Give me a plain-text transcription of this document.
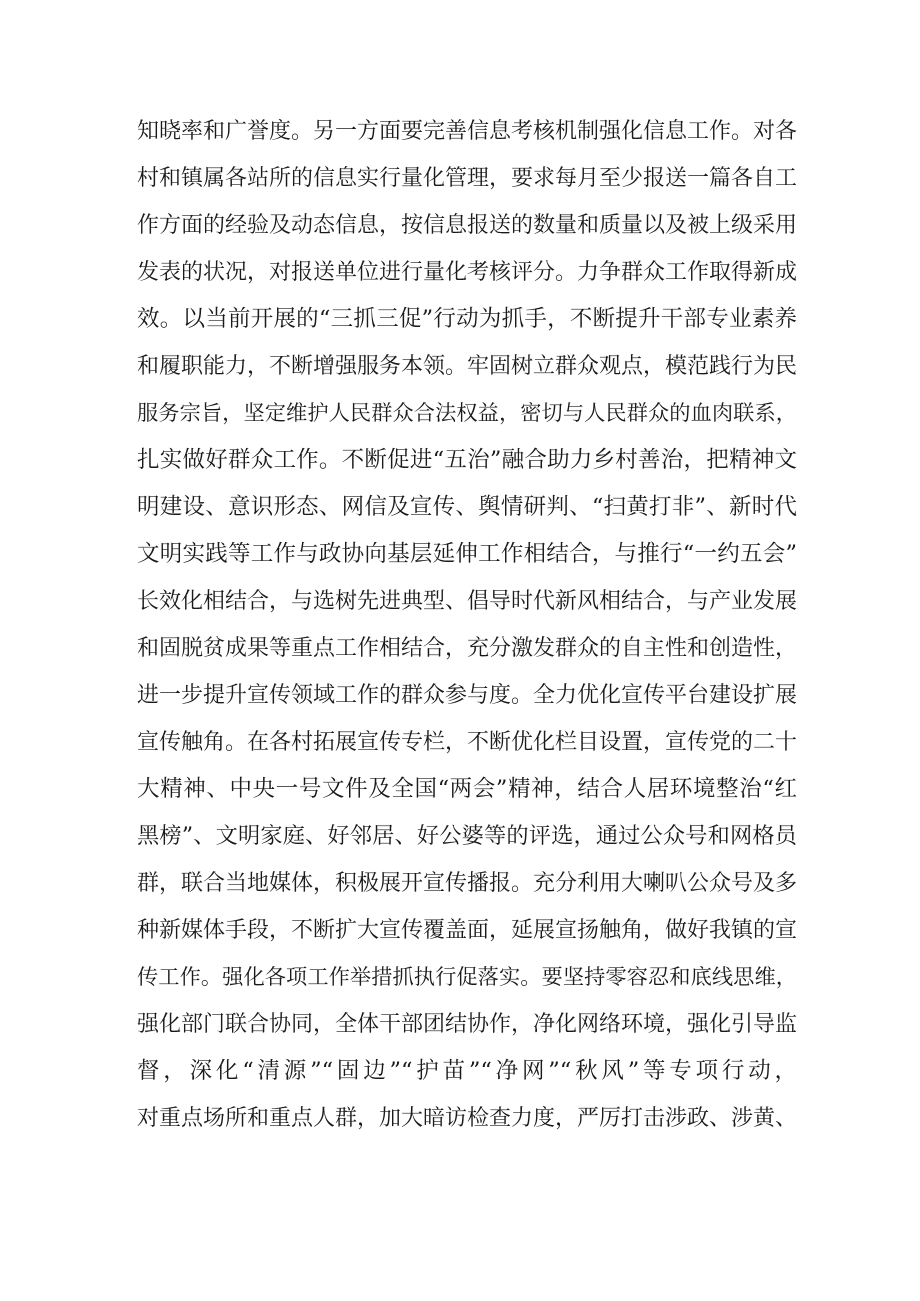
知晓率和广誉度。另一方面要完善信息考核机制强化信息工作。对各
村和镇属各站所的信息实行量化管理，要求每月至少报送一篇各自工
作方面的经验及动态信息，按信息报送的数量和质量以及被上级采用
发表的状况，对报送单位进行量化考核评分。力争群众工作取得新成
效。以当前开展的“三抓三促”行动为抓手，不断提升干部专业素养
和履职能力，不断增强服务本领。牢固树立群众观点，模范践行为民
服务宗旨，坚定维护人民群众合法权益，密切与人民群众的血肉联系，
扎实做好群众工作。不断促进“五治”融合助力乡村善治，把精神文
明建设、意识形态、网信及宣传、舆情研判、“扫黄打非”、新时代
文明实践等工作与政协向基层延伸工作相结合，与推行“一约五会”
长效化相结合，与选树先进典型、倡导时代新风相结合，与产业发展
和固脱贫成果等重点工作相结合，充分激发群众的自主性和创造性，
进一步提升宣传领域工作的群众参与度。全力优化宣传平台建设扩展
宣传触角。在各村拓展宣传专栏，不断优化栏目设置，宣传党的二十
大精神、中央一号文件及全国“两会”精神，结合人居环境整治“红
黑榜”、文明家庭、好邻居、好公婆等的评选，通过公众号和网格员
群，联合当地媒体，积极展开宣传播报。充分利用大喇叭公众号及多
种新媒体手段，不断扩大宣传覆盖面，延展宣扬触角，做好我镇的宣
传工作。强化各项工作举措抓执行促落实。要坚持零容忍和底线思维，
强化部门联合协同，全体干部团结协作，净化网络环境，强化引导监
督，深化“清源”“固边”“护苗”“净网”“秋风”等专项行动，
对重点场所和重点人群，加大暗访检查力度，严厉打击涉政、涉黄、
